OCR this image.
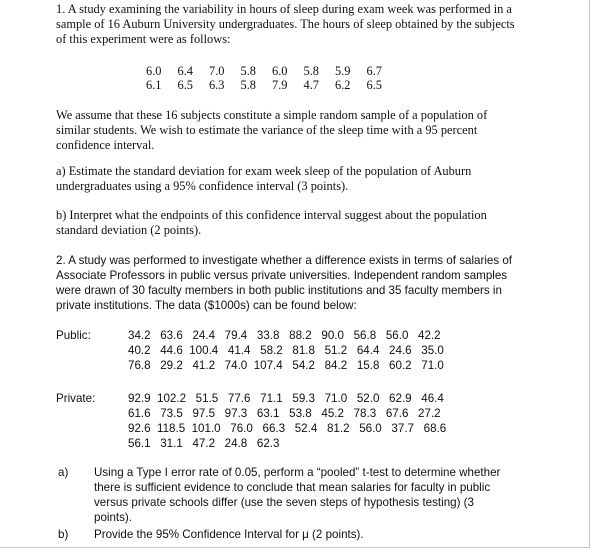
1. A study examining the variability in hours of sleep during exam week was performed in a sample of 16 Auburn University undergraduates. The hours of sleep obtained by the subjects of this experiment were as follows:

6.0	6.4	7.0	5.8	6.0	5.8	5.9	6.7
6.1	6.5	6.3	5.8	7.9	4.7	6.2	6.5

We assume that these 16 subjects constitute a simple random sample of a population of similar students. We wish to estimate the variance of the sleep time with a 95 percent confidence interval.

a) Estimate the standard deviation for exam week sleep of the population of Auburn undergraduates using a 95% confidence interval (3 points).

b) Interpret what the endpoints of this confidence interval suggest about the population standard deviation (2 points).

2. A study was performed to investigate whether a difference exists in terms of salaries of Associate Professors in public versus private universities. Independent random samples were drawn of 30 faculty members in both public institutions and 35 faculty members in private institutions. The data ($1000s) can be found below:

Public:	34.2   63.6   24.4   79.4   33.8   88.2   90.0   56.8   56.0   42.2
40.2   44.6  100.4   41.4   58.2   81.8   51.2   64.4   24.6   35.0
76.8   29.2   41.2   74.0  107.4   54.2   84.2   15.8   60.2   71.0
Private:	92.9  102.2   51.5   77.6   71.1   59.3   71.0   52.0   62.9   46.4
61.6   73.5   97.5   97.3   63.1   53.8   45.2   78.3   67.6   27.2
92.6  118.5  101.0   76.0   66.3   52.4   81.2   56.0   37.7   68.6
56.1   31.1   47.2   24.8   62.3
a) Using a Type I error rate of 0.05, perform a “pooled” t-test to determine whether there is sufficient evidence to conclude that mean salaries for faculty in public versus private schools differ (use the seven steps of hypothesis testing) (3 points).

b) Provide the 95% Confidence Interval for μ (2 points).
